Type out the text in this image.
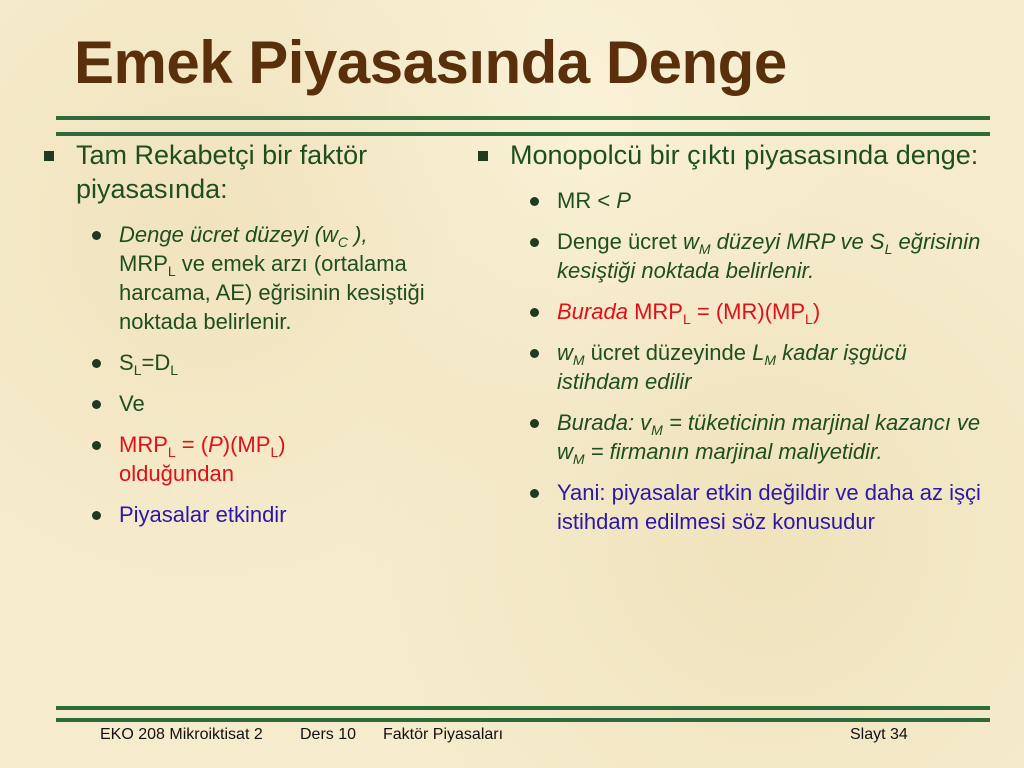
Emek Piyasasında Denge
Tam Rekabetçi bir faktör piyasasında:
Denge ücret düzeyi ($w_C$ ),
$MRP_L$ ve emek arzı (ortalama harcama, AE) eğrisinin kesiştiği noktada belirlenir.
$S_L=D_L$
Ve
$MRP_L = (P)(MP_L)$
olduğundan
Piyasalar etkindir
Monopolcü bir çıktı piyasasında denge:
MR < P
Denge ücret $w_M$ düzeyi MRP ve $S_L$ eğrisinin kesiştiği noktada belirlenir.
Burada $MRP_L = (MR)(MP_L)$
$w_M$ ücret düzeyinde $L_M$ kadar işgücü istihdam edilir
Burada: $v_M$ = tüketicinin marjinal kazancı ve $w_M$ = firmanın marjinal maliyetidir.
Yani: piyasalar etkin değildir ve daha az işçi istihdam edilmesi söz konusudur
EKO 208 Mikroiktisat 2 Ders 10 Faktör Piyasaları	Slayt 34
